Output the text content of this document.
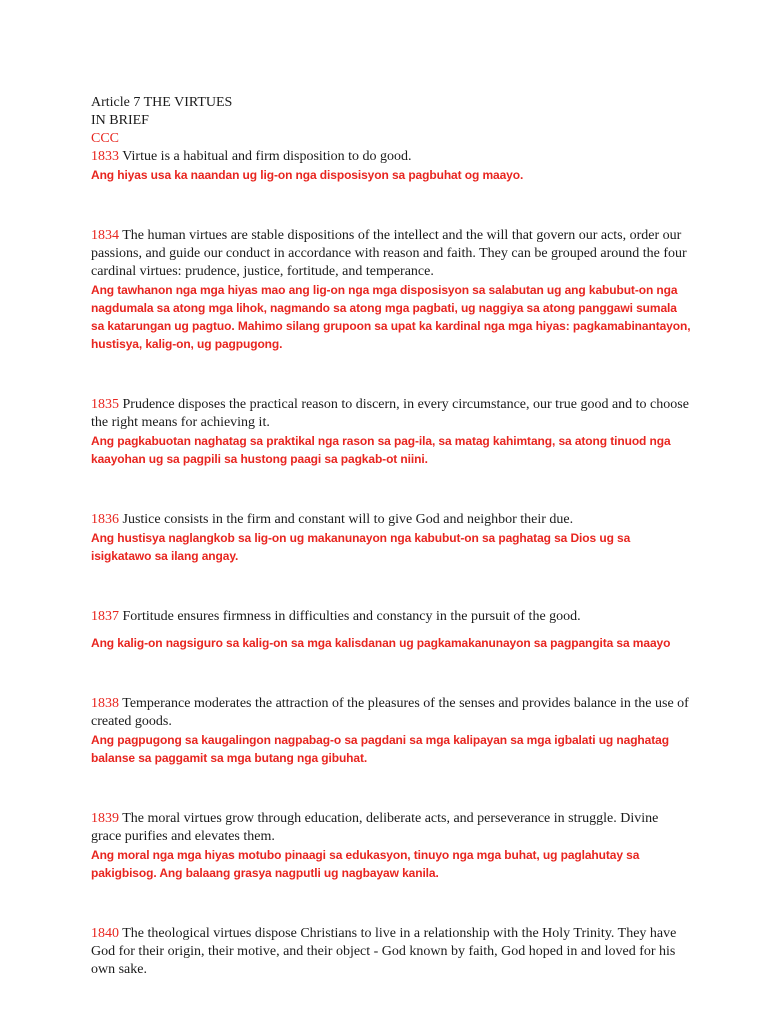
Article 7 THE VIRTUES

IN BRIEF

CCC

1833 Virtue is a habitual and firm disposition to do good.

Ang hiyas usa ka naandan ug lig-on nga disposisyon sa pagbuhat og maayo.

1834 The human virtues are stable dispositions of the intellect and the will that govern our acts, order our passions, and guide our conduct in accordance with reason and faith. They can be grouped around the four cardinal virtues: prudence, justice, fortitude, and temperance.

Ang tawhanon nga mga hiyas mao ang lig-on nga mga disposisyon sa salabutan ug ang kabubut-on nga nagdumala sa atong mga lihok, nagmando sa atong mga pagbati, ug naggiya sa atong panggawi sumala sa katarungan ug pagtuo. Mahimo silang grupoon sa upat ka kardinal nga mga hiyas: pagkamabinantayon, hustisya, kalig-on, ug pagpugong.

1835 Prudence disposes the practical reason to discern, in every circumstance, our true good and to choose the right means for achieving it.

Ang pagkabuotan naghatag sa praktikal nga rason sa pag-ila, sa matag kahimtang, sa atong tinuod nga kaayohan ug sa pagpili sa hustong paagi sa pagkab-ot niini.

1836 Justice consists in the firm and constant will to give God and neighbor their due.

Ang hustisya naglangkob sa lig-on ug makanunayon nga kabubut-on sa paghatag sa Dios ug sa isigkatawo sa ilang angay.

1837 Fortitude ensures firmness in difficulties and constancy in the pursuit of the good.

Ang kalig-on nagsiguro sa kalig-on sa mga kalisdanan ug pagkamakanunayon sa pagpangita sa maayo

1838 Temperance moderates the attraction of the pleasures of the senses and provides balance in the use of created goods.

Ang pagpugong sa kaugalingon nagpabag-o sa pagdani sa mga kalipayan sa mga igbalati ug naghatag balanse sa paggamit sa mga butang nga gibuhat.

1839 The moral virtues grow through education, deliberate acts, and perseverance in struggle. Divine grace purifies and elevates them.

Ang moral nga mga hiyas motubo pinaagi sa edukasyon, tinuyo nga mga buhat, ug paglahutay sa pakigbisog. Ang balaang grasya nagputli ug nagbayaw kanila.

1840 The theological virtues dispose Christians to live in a relationship with the Holy Trinity. They have God for their origin, their motive, and their object - God known by faith, God hoped in and loved for his own sake.
